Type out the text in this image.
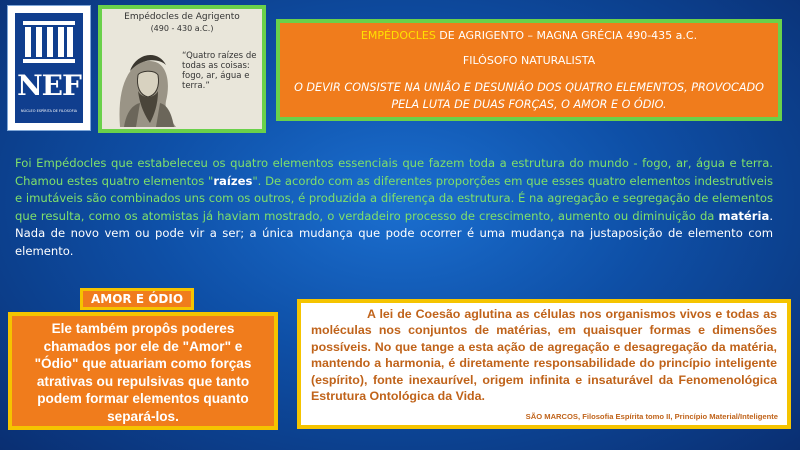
NEF
NÚCLEO ESPÍRITA DE FILOSOFIA
Empédocles de Agrigento
(490 - 430 a.C.)
“Quatro raízes de todas as coisas: fogo, ar, água e terra.”
EMPÉDOCLES DE AGRIGENTO – MAGNA GRÉCIA 490-435 a.C.
FILÓSOFO NATURALISTA
O DEVIR CONSISTE NA UNIÃO E DESUNIÃO DOS QUATRO ELEMENTOS, PROVOCADO PELA LUTA DE DUAS FORÇAS, O AMOR E O ÓDIO.
Foi Empédocles que estabeleceu os quatro elementos essenciais que fazem toda a estrutura do mundo - fogo, ar, água e terra. Chamou estes quatro elementos "raízes". De acordo com as diferentes proporções em que esses quatro elementos indestrutíveis e imutáveis são combinados uns com os outros, é produzida a diferença da estrutura. É na agregação e segregação de elementos que resulta, como os atomistas já haviam mostrado, o verdadeiro processo de crescimento, aumento ou diminuição da matéria. Nada de novo vem ou pode vir a ser; a única mudança que pode ocorrer é uma mudança na justaposição de elemento com elemento.
AMOR E ÓDIO
Ele também propôs poderes chamados por ele de "Amor" e "Ódio" que atuariam como forças atrativas ou repulsivas que tanto podem formar elementos quanto separá-los.
A lei de Coesão aglutina as células nos organismos vivos e todas as moléculas nos conjuntos de matérias, em quaisquer formas e dimensões possíveis. No que tange a esta ação de agregação e desagregação da matéria, mantendo a harmonia, é diretamente responsabilidade do princípio inteligente (espírito), fonte inexaurível, origem infinita e insaturável da Fenomenológica Estrutura Ontológica da Vida.
SÃO MARCOS, Filosofia Espírita tomo II, Princípio Material/Inteligente
